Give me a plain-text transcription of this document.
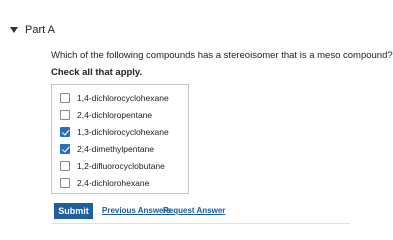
Part A
Which of the following compounds has a stereoisomer that is a meso compound?
Check all that apply.
1,4-dichlorocyclohexane
2,4-dichloropentane
1,3-dichlorocyclohexane
2,4-dimethylpentane
1,2-difluorocyclobutane
2,4-dichlorohexane
Submit	Previous Answers
Request Answer
